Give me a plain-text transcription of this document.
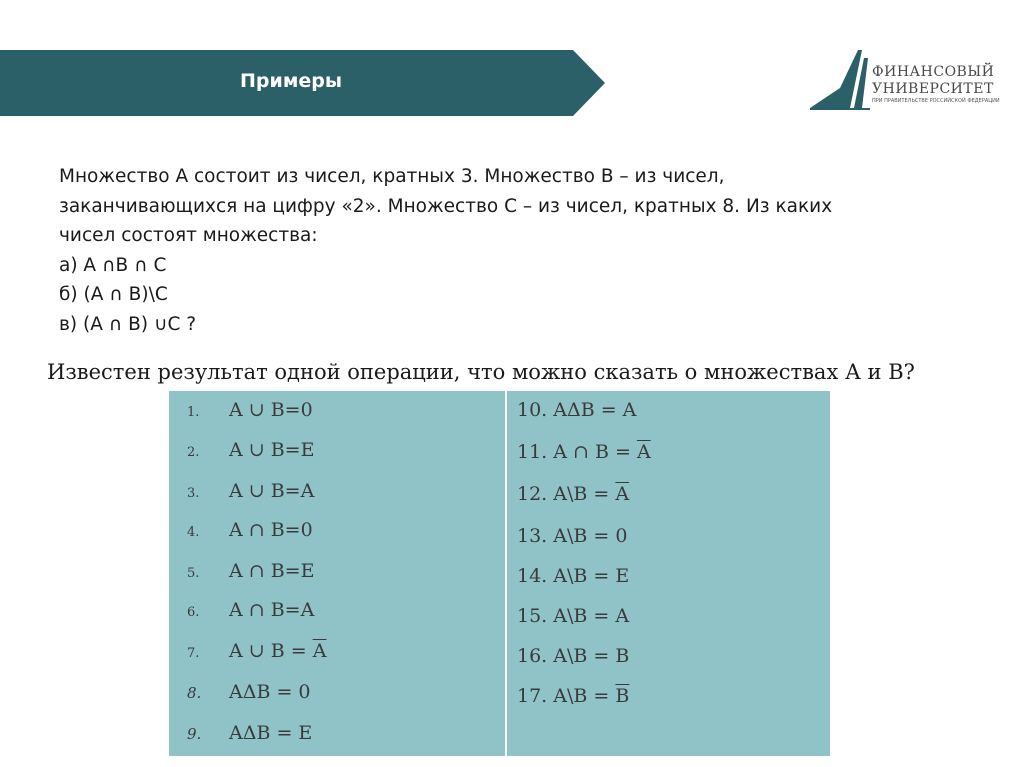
Примеры	ФИНАНСОВЫЙ
УНИВЕРСИТЕТ
ПРИ ПРАВИТЕЛЬСТВЕ РОССИЙСКОЙ ФЕДЕРАЦИИ
Множество А состоит из чисел, кратных 3. Множество В – из чисел,
заканчивающихся на цифру «2». Множество С – из чисел, кратных 8. Из каких
чисел состоят множества:
а) А ∩В ∩ С
б) (А ∩ В)\С
в) (А ∩ В) ∪С ?
Известен результат одной операции, что можно сказать о множествах А и В?
1. A ∪ B=0
2. A ∪ B=E
3. A ∪ B=A
4. A ∩ B=0
5. A ∩ B=E
6. A ∩ B=A
7. A ∪ $B = \overline{A}$
8. AΔB = 0
9. AΔB = E
10. AΔB = A
11. A ∩ $B = \overline{A}$
12. A\B = $\overline{A}$
13. A\B = 0
14. A\B = E
15. A\B = A
16. A\B = B
17. A\B = $\overline{B}$
